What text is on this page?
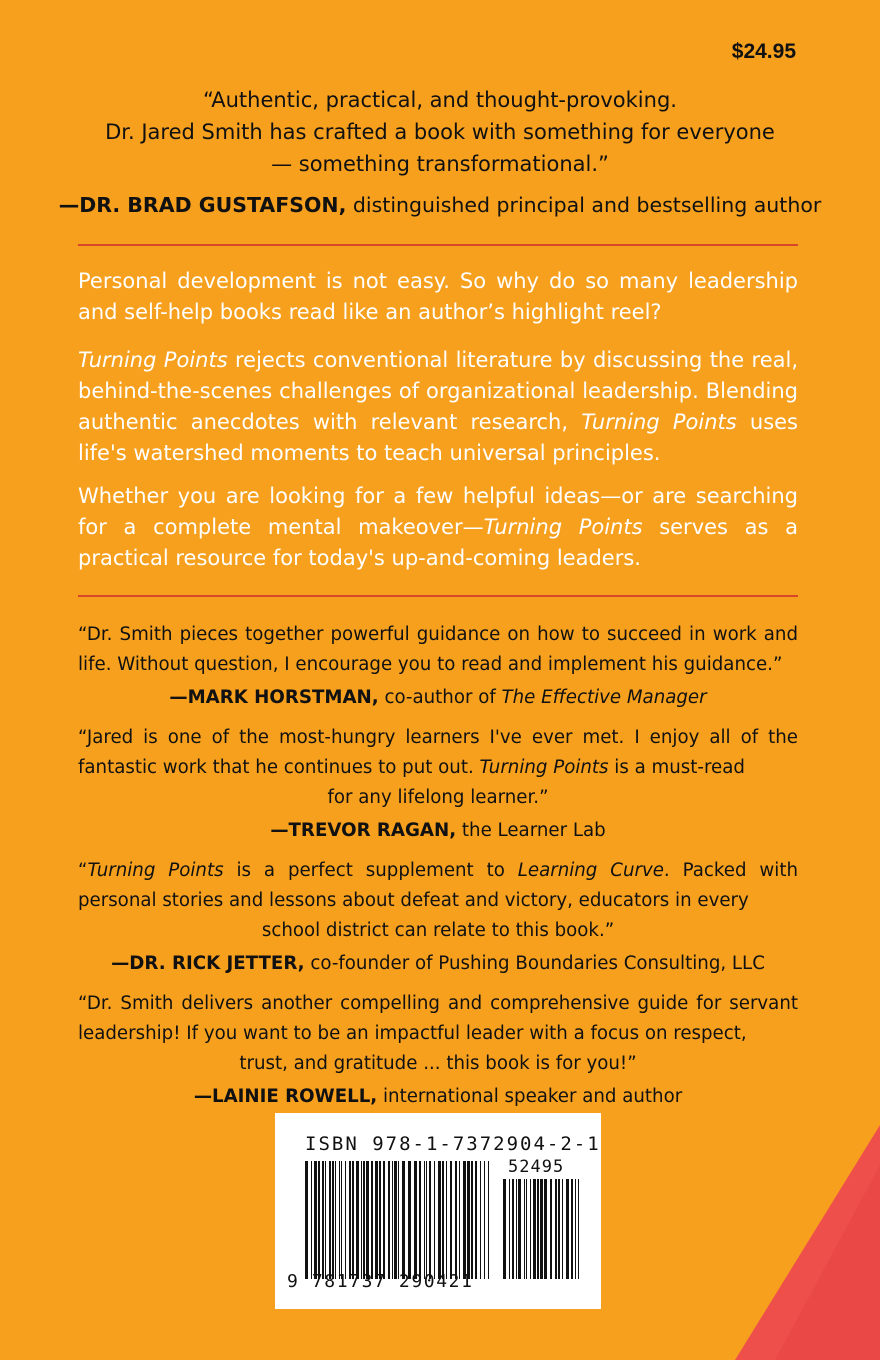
$24.95
“Authentic, practical, and thought-provoking.
Dr. Jared Smith has crafted a book with something for everyone
— something transformational.”
—DR. BRAD GUSTAFSON, distinguished principal and bestselling author

Personal development is not easy. So why do so many leadership and self-help books read like an author’s highlight reel?

Turning Points rejects conventional literature by discussing the real, behind-the-scenes challenges of organizational leadership. Blending authentic anecdotes with relevant research, Turning Points uses life's watershed moments to teach universal principles.

Whether you are looking for a few helpful ideas—or are searching for a complete mental makeover—Turning Points serves as a practical resource for today's up-and-coming leaders.

“Dr. Smith pieces together powerful guidance on how to succeed in work and life. Without question, I encourage you to read and implement his guidance.”

—MARK HORSTMAN, co-author of The Effective Manager

“Jared is one of the most-hungry learners I've ever met. I enjoy all of the fantastic work that he continues to put out. Turning Points is a must-read
for any lifelong learner.”

—TREVOR RAGAN, the Learner Lab

“Turning Points is a perfect supplement to Learning Curve. Packed with personal stories and lessons about defeat and victory, educators in every
school district can relate to this book.”

—DR. RICK JETTER, co-founder of Pushing Boundaries Consulting, LLC

“Dr. Smith delivers another compelling and comprehensive guide for servant leadership! If you want to be an impactful leader with a focus on respect,
trust, and gratitude ... this book is for you!”

—LAINIE ROWELL, international speaker and author
ISBN 978-1-7372904-2-1
52495
9 781737 290421
